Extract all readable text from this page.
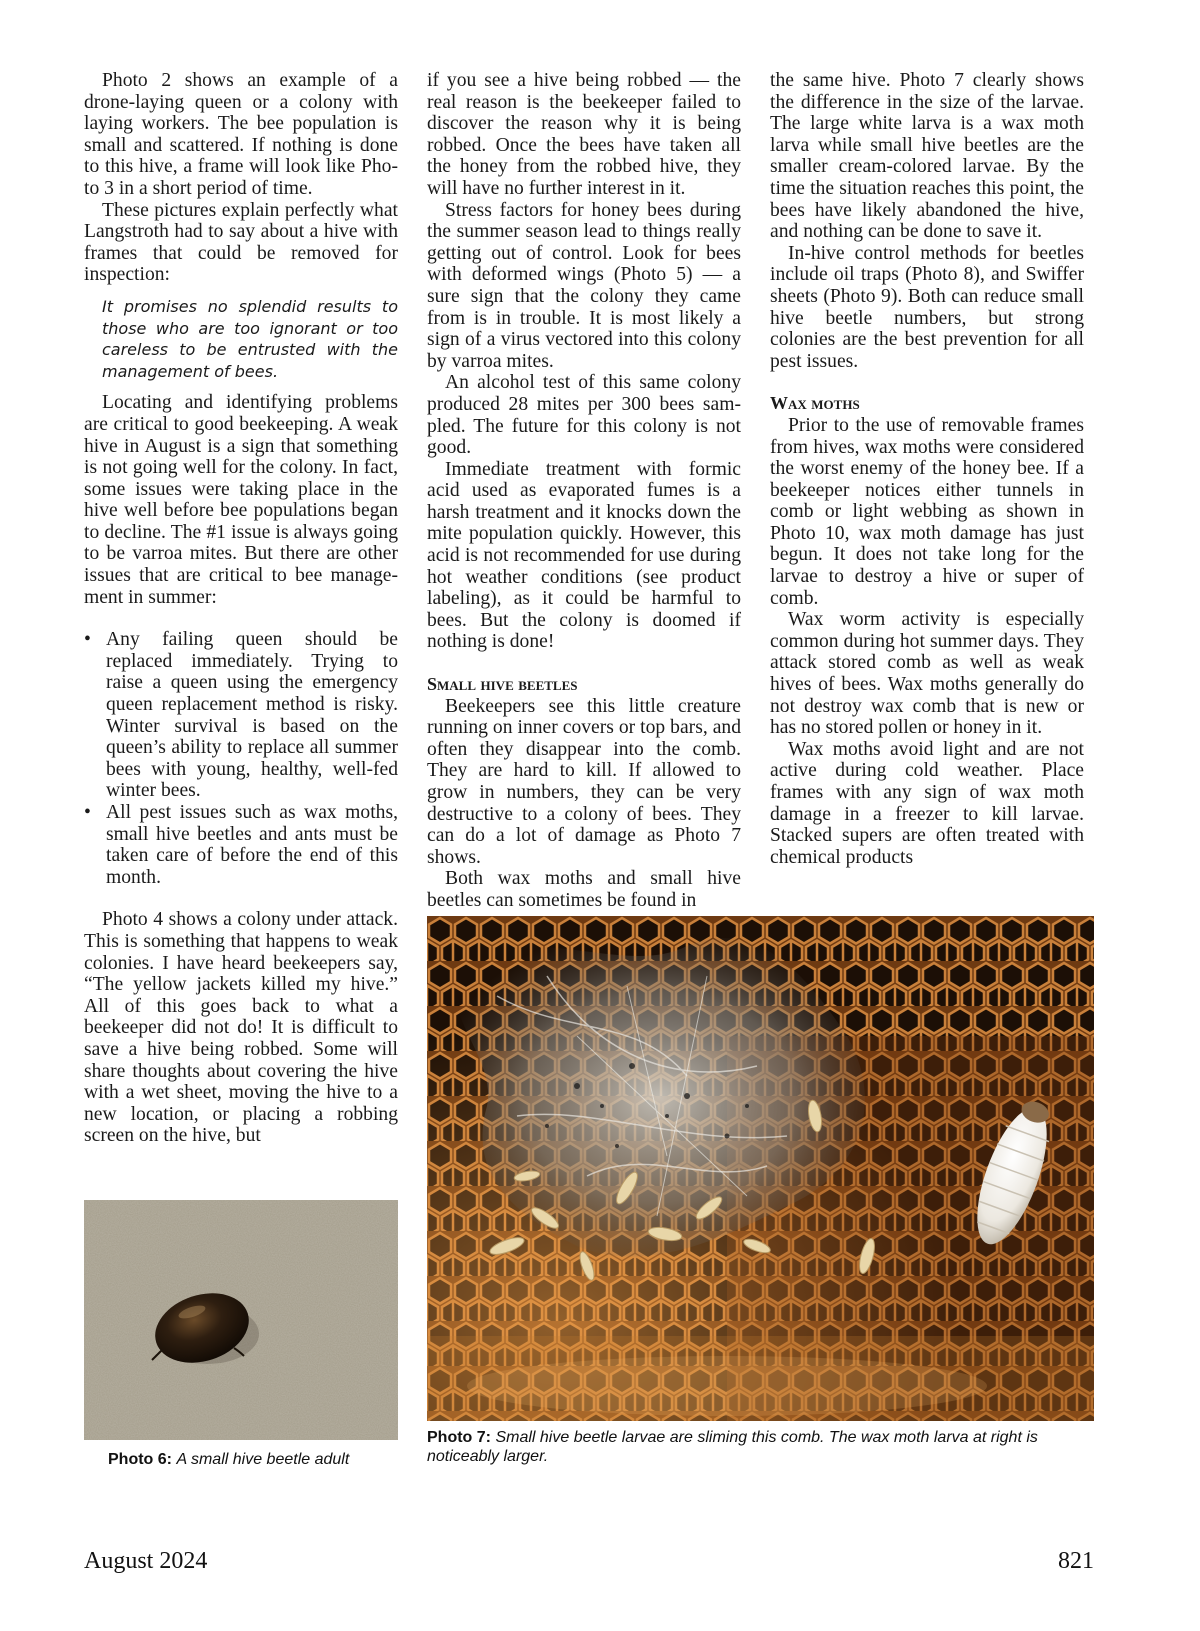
Photo 2 shows an example of a drone-laying queen or a colony with laying workers. The bee population is small and scattered. If nothing is done to this hive, a frame will look like Photo 3 in a short period of time.

These pictures explain perfectly what Langstroth had to say about a hive with frames that could be removed for inspection:

It promises no splendid results to those who are too ignorant or too careless to be entrusted with the management of bees.

Locating and identifying problems are critical to good beekeeping. A weak hive in August is a sign that something is not going well for the colony. In fact, some issues were taking place in the hive well before bee populations began to decline. The #1 issue is always going to be varroa mites. But there are other issues that are critical to bee management in summer:

• Any failing queen should be replaced immediately. Trying to raise a queen using the emergency queen replacement method is risky. Winter survival is based on the queen’s ability to replace all summer bees with young, healthy, well-fed winter bees.
• All pest issues such as wax moths, small hive beetles and ants must be taken care of before the end of this month.

Photo 4 shows a colony under attack. This is something that happens to weak colonies. I have heard beekeepers say, “The yellow jackets killed my hive.” All of this goes back to what a beekeeper did not do! It is difficult to save a hive being robbed. Some will share thoughts about covering the hive with a wet sheet, moving the hive to a new location, or placing a robbing screen on the hive, but

if you see a hive being robbed — the real reason is the beekeeper failed to discover the reason why it is being robbed. Once the bees have taken all the honey from the robbed hive, they will have no further interest in it.

Stress factors for honey bees during the summer season lead to things really getting out of control. Look for bees with deformed wings (Photo 5) — a sure sign that the colony they came from is in trouble. It is most likely a sign of a virus vectored into this colony by varroa mites.

An alcohol test of this same colony produced 28 mites per 300 bees sampled. The future for this colony is not good.

Immediate treatment with formic acid used as evaporated fumes is a harsh treatment and it knocks down the mite population quickly. However, this acid is not recommended for use during hot weather conditions (see product labeling), as it could be harmful to bees. But the colony is doomed if nothing is done!

Small hive beetles

Beekeepers see this little creature running on inner covers or top bars, and often they disappear into the comb. They are hard to kill. If allowed to grow in numbers, they can be very destructive to a colony of bees. They can do a lot of damage as Photo 7 shows.

Both wax moths and small hive beetles can sometimes be found in

the same hive. Photo 7 clearly shows the difference in the size of the larvae. The large white larva is a wax moth larva while small hive beetles are the smaller cream-colored larvae. By the time the situation reaches this point, the bees have likely abandoned the hive, and nothing can be done to save it.

In-hive control methods for beetles include oil traps (Photo 8), and Swiffer sheets (Photo 9). Both can reduce small hive beetle numbers, but strong colonies are the best prevention for all pest issues.

Wax moths

Prior to the use of removable frames from hives, wax moths were considered the worst enemy of the honey bee. If a beekeeper notices either tunnels in comb or light webbing as shown in Photo 10, wax moth damage has just begun. It does not take long for the larvae to destroy a hive or super of comb.

Wax worm activity is especially common during hot summer days. They attack stored comb as well as weak hives of bees. Wax moths generally do not destroy wax comb that is new or has no stored pollen or honey in it.

Wax moths avoid light and are not active during cold weather. Place frames with any sign of wax moth damage in a freezer to kill larvae. Stacked supers are often treated with chemical products

Photo 6: A small hive beetle adult
Photo 7: Small hive beetle larvae are sliming this comb. The wax moth larva at right is noticeably larger.
August 2024	821
